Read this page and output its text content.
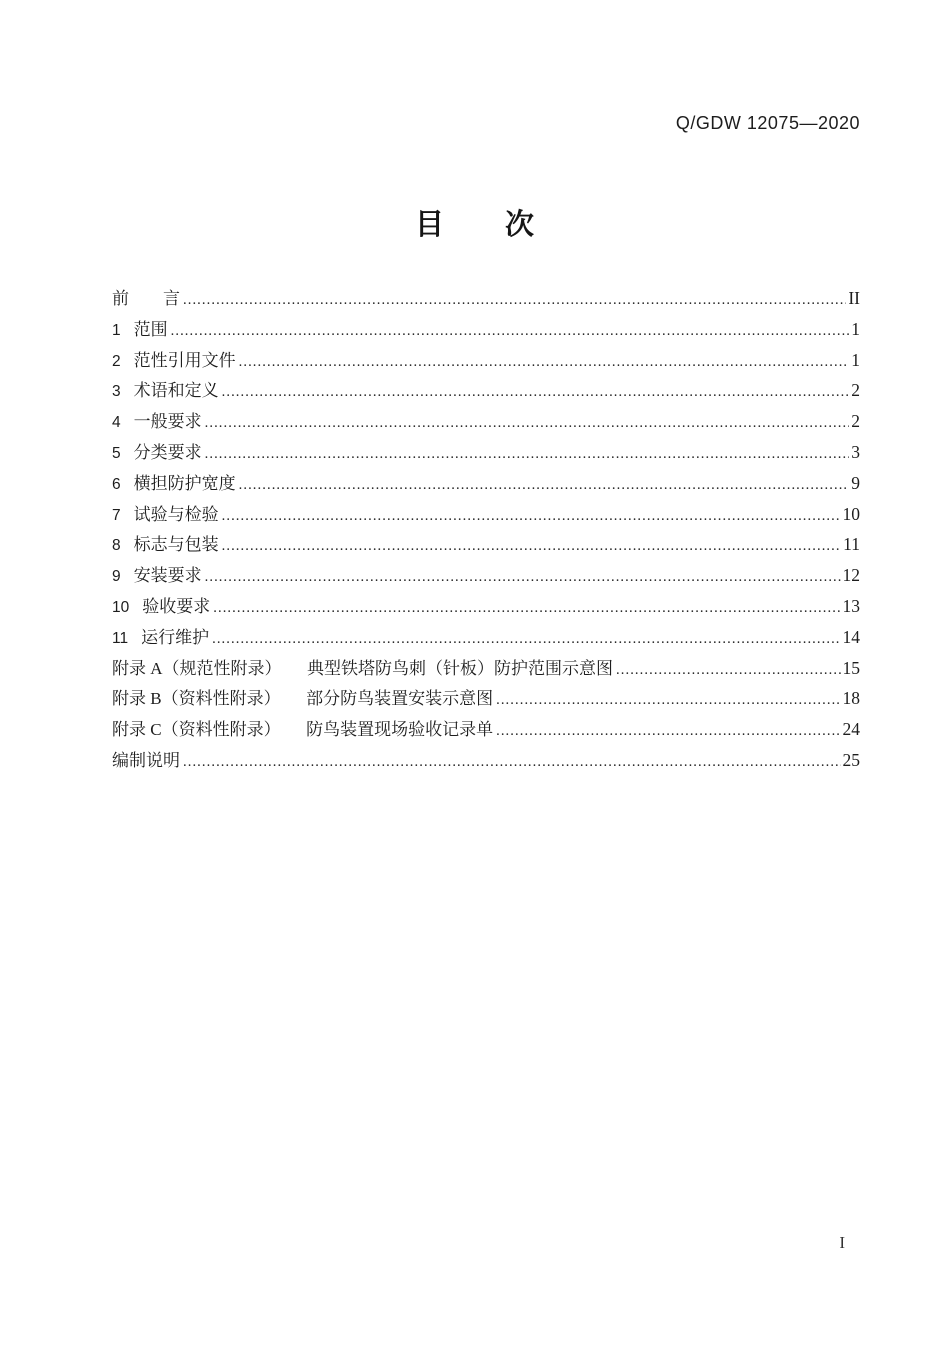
Q/GDW 12075—2020
目　　次
前　　言 .....	II
1 范围 .....	1
2 范性引用文件 .....	1
3 术语和定义 .....	2
4 一般要求 .....	2
5 分类要求 .....	3
6 横担防护宽度 .....	9
7 试验与检验 .....	10
8 标志与包装 .....	11
9 安装要求 .....	12
10 验收要求 .....	13
11 运行维护 .....	14
附录 A（规范性附录）　　典型铁塔防鸟刺（针板）防护范围示意图 .....	15
附录 B（资料性附录）　　部分防鸟装置安装示意图 .....	18
附录 C（资料性附录）　　防鸟装置现场验收记录单 .....	24
编制说明 .....	25
I
